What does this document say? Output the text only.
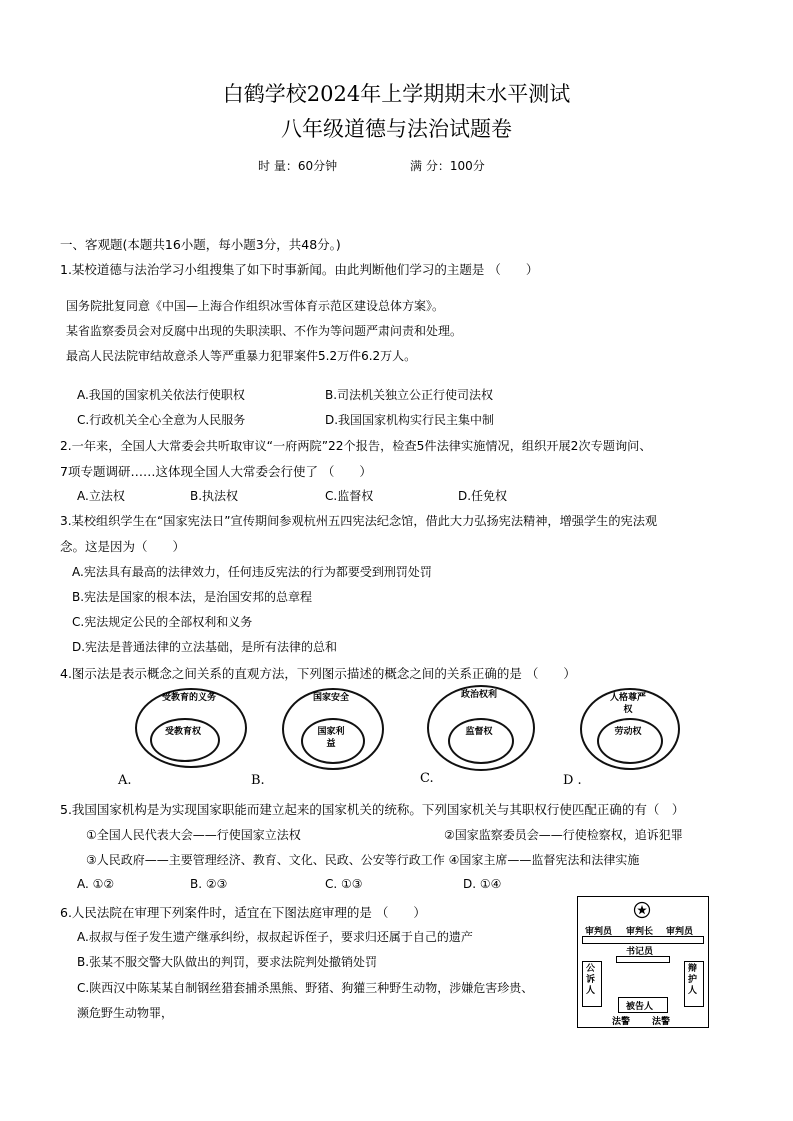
白鹤学校2024年上学期期末水平测试
八年级道德与法治试题卷
时 量：60分钟	满 分：100分
一、客观题(本题共16小题，每小题3分，共48分。)
1.某校道德与法治学习小组搜集了如下时事新闻。由此判断他们学习的主题是 （　　）
国务院批复同意《中国—上海合作组织冰雪体育示范区建设总体方案》。
某省监察委员会对反腐中出现的失职渎职、不作为等问题严肃问责和处理。
最高人民法院审结故意杀人等严重暴力犯罪案件5.2万件6.2万人。
A.我国的国家机关依法行使职权	B.司法机关独立公正行使司法权
C.行政机关全心全意为人民服务	D.我国国家机构实行民主集中制
2.一年来，全国人大常委会共听取审议“一府两院”22个报告，检查5件法律实施情况，组织开展2次专题询问、
7项专题调研……这体现全国人大常委会行使了 （　　）
A.立法权	B.执法权	C.监督权	D.任免权
3.某校组织学生在“国家宪法日”宣传期间参观杭州五四宪法纪念馆，借此大力弘扬宪法精神，增强学生的宪法观
念。这是因为（　　）
A.宪法具有最高的法律效力，任何违反宪法的行为都要受到刑罚处罚
B.宪法是国家的根本法，是治国安邦的总章程
C.宪法规定公民的全部权利和义务
D.宪法是普通法律的立法基础，是所有法律的总和
4.图示法是表示概念之间关系的直观方法，下列图示描述的概念之间的关系正确的是 （　　）
受教育的义务
受教育权
A.
国家安全
国家利益
B.
政治权利
监督权
C.
人格尊严权
劳动权
D .
5.我国国家机构是为实现国家职能而建立起来的国家机关的统称。下列国家机关与其职权行使匹配正确的有（　）
①全国人民代表大会——行使国家立法权	②国家监察委员会——行使检察权，追诉犯罪
③人民政府——主要管理经济、教育、文化、民政、公安等行政工作 ④国家主席——监督宪法和法律实施
A. ①②	B. ②③	C. ①③	D. ①④
6.人民法院在审理下列案件时，适宜在下图法庭审理的是 （　　）
A.叔叔与侄子发生遗产继承纠纷，叔叔起诉侄子，要求归还属于自己的遗产
B.张某不服交警大队做出的判罚，要求法院判处撤销处罚
C.陕西汉中陈某某自制钢丝猎套捕杀黑熊、野猪、狗獾三种野生动物，涉嫌危害珍贵、
濒危野生动物罪，
审判员 审判长 审判员
书记员
公诉人
辩护人
被告人
法警 法警
